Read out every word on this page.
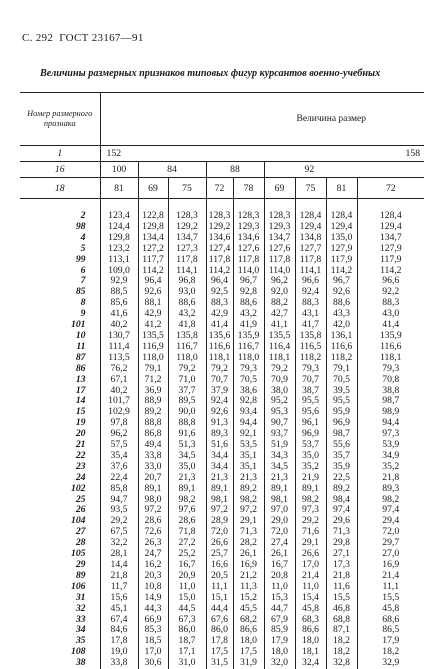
С. 292 ГОСТ 23167—91
Величины размерных признаков типовых фигур курсантов военно-учебных
Номер размерного признака	Величина размер								
1	152		158						
16	100	84		88		92			
18	81	69	75	72	78	69	75	81	72

2	123,4	122,8	128,3	128,3	128,3	128,3	128,4	128,4	128,4
98	124,4	129,8	129,2	129,2	129,3	129,3	129,4	129,4	129,4
4	129,8	134,4	134,7	134,6	134,6	134,7	134,8	135,0	134,7
5	123,2	127,2	127,3	127,4	127,6	127,6	127,7	127,9	127,9
99	113,1	117,7	117,8	117,8	117,8	117,8	117,8	117,9	117,9
6	109,0	114,2	114,1	114,2	114,0	114,0	114,1	114,2	114,2
7	92,9	96,4	96,8	96,4	96,7	96,2	96,6	96,7	96,6
85	88,5	92,6	93,0	92,5	92,8	92,0	92,4	92,6	92,2
8	85,6	88,1	88,6	88,3	88,6	88,2	88,3	88,6	88,3
9	41,6	42,9	43,2	42,9	43,2	42,7	43,1	43,3	43,0
101	40,2	41,2	41,8	41,4	41,9	41,1	41,7	42,0	41,4
10	130,7	135,5	135,8	135,6	135,9	135,5	135,8	136,1	135,9
11	111,4	116,9	116,7	116,6	116,7	116,4	116,5	116,6	116,6
87	113,5	118,0	118,0	118,1	118,0	118,1	118,2	118,2	118,1
86	76,2	79,1	79,2	79,2	79,3	79,2	79,3	79,1	79,3
13	67,1	71,2	71,0	70,7	70,5	70,9	70,7	70,5	70,8
17	40,2	36,9	37,7	37,9	38,6	38,0	38,7	39,5	38,8
14	101,7	88,9	89,5	92,4	92,8	95,2	95,5	95,5	98,7
15	102,9	89,2	90,0	92,6	93,4	95,3	95,6	95,9	98,9
19	97,8	88,8	88,8	91,3	94,4	90,7	96,1	96,9	94,4
20	96,2	86,8	91,6	89,3	92,1	93,7	96,9	98,7	97,3
21	57,5	49,4	51,3	51,6	53,5	51,9	53,7	55,6	53,9
22	35,4	33,8	34,5	34,4	35,1	34,3	35,0	35,7	34,9
23	37,6	33,0	35,0	34,4	35,1	34,5	35,2	35,9	35,2
24	22,4	20,7	21,3	21,3	21,3	21,3	21,9	22,5	21,8
102	85,8	89,1	89,1	89,1	89,2	89,1	89,1	89,2	89,3
25	94,7	98,0	98,2	98,1	98,2	98,1	98,2	98,4	98,2
26	93,5	97,2	97,6	97,2	97,2	97,0	97,3	97,4	97,4
104	29,2	28,6	28,6	28,9	29,1	29,0	29,2	29,6	29,4
27	67,5	72,6	71,8	72,0	71,3	72,0	71,6	71,3	72,0
28	32,2	26,3	27,2	26,6	28,2	27,4	29,1	29,8	29,7
105	28,1	24,7	25,2	25,7	26,1	26,1	26,6	27,1	27,0
29	14,4	16,2	16,7	16,6	16,9	16,7	17,0	17,3	16,9
89	21,8	20,3	20,9	20,5	21,2	20,8	21,4	21,8	21,4
106	11,7	10,8	11,0	11,1	11,3	11,0	11,0	11,6	11,1
31	15,6	14,9	15,0	15,1	15,2	15,3	15,4	15,5	15,5
32	45,1	44,3	44,5	44,4	45,5	44,7	45,8	46,8	45,8
33	67,4	66,9	67,3	67,6	68,2	67,9	68,3	68,8	68,6
34	84,6	85,3	86,0	86,0	86,6	85,9	86,6	87,1	86,5
35	17,8	18,5	18,7	17,8	18,0	17,9	18,0	18,2	17,9
108	19,0	17,0	17,1	17,5	17,5	18,0	18,1	18,2	18,2
38	33,8	30,6	31,0	31,5	31,9	32,0	32,4	32,8	32,9
